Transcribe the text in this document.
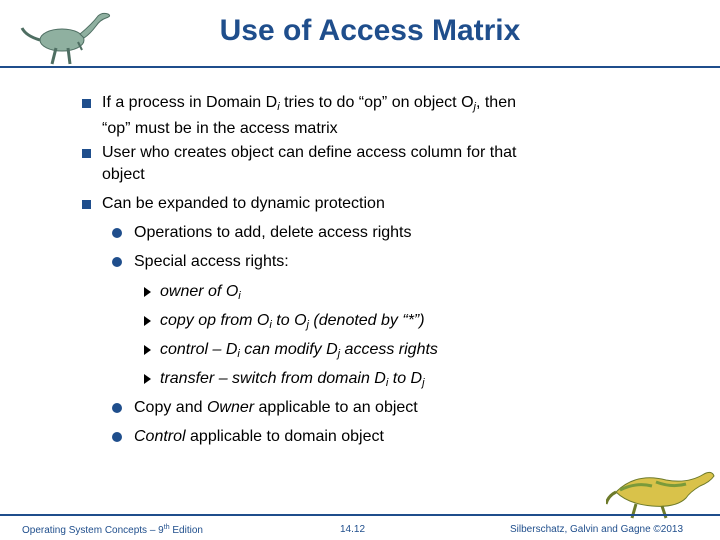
Use of Access Matrix
If a process in Domain $D_i$ tries to do “op” on object $O_j$, then
“op” must be in the access matrix
User who creates object can define access column for that
object
Can be expanded to dynamic protection
Operations to add, delete access rights
Special access rights:
owner of $O_i$
copy op from $O_i$ to $O_j$ (denoted by “*”)
control – $D_i$ can modify $D_j$ access rights
transfer – switch from domain $D_i$ to $D_j$
Copy and Owner applicable to an object
Control applicable to domain object
Operating System Concepts – 9th Edition	14.12	Silberschatz, Galvin and Gagne ©2013
